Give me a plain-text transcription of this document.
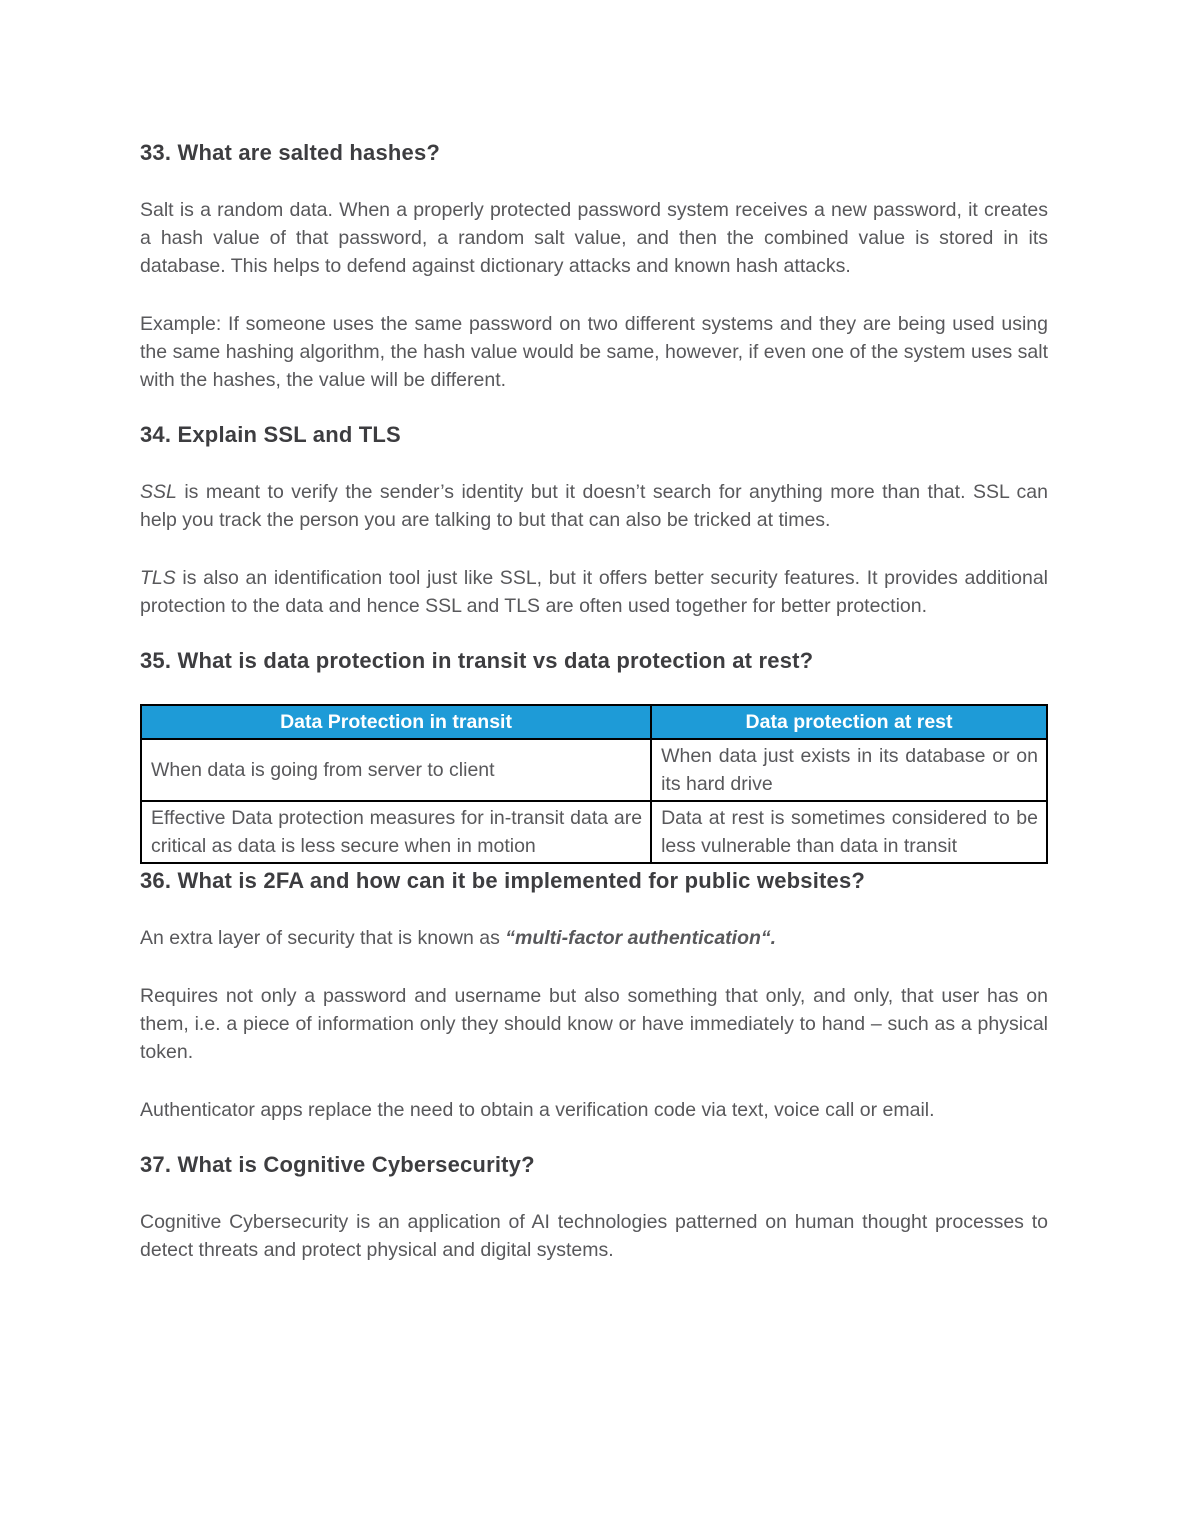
33. What are salted hashes?

Salt is a random data. When a properly protected password system receives a new password, it creates a hash value of that password, a random salt value, and then the combined value is stored in its database. This helps to defend against dictionary attacks and known hash attacks.

Example: If someone uses the same password on two different systems and they are being used using the same hashing algorithm, the hash value would be same, however, if even one of the system uses salt with the hashes, the value will be different.

34. Explain SSL and TLS

SSL is meant to verify the sender’s identity but it doesn’t search for anything more than that. SSL can help you track the person you are talking to but that can also be tricked at times.

TLS is also an identification tool just like SSL, but it offers better security features. It provides additional protection to the data and hence SSL and TLS are often used together for better protection.

35. What is data protection in transit vs data protection at rest?
Data Protection in transit	Data protection at rest
When data is going from server to client	When data just exists in its database or on its hard drive
Effective Data protection measures for in-transit data are critical as data is less secure when in motion	Data at rest is sometimes considered to be less vulnerable than data in transit
36. What is 2FA and how can it be implemented for public websites?

An extra layer of security that is known as “multi-factor authentication“.

Requires not only a password and username but also something that only, and only, that user has on them, i.e. a piece of information only they should know or have immediately to hand – such as a physical token.

Authenticator apps replace the need to obtain a verification code via text, voice call or email.

37. What is Cognitive Cybersecurity?

Cognitive Cybersecurity is an application of AI technologies patterned on human thought processes to detect threats and protect physical and digital systems.
